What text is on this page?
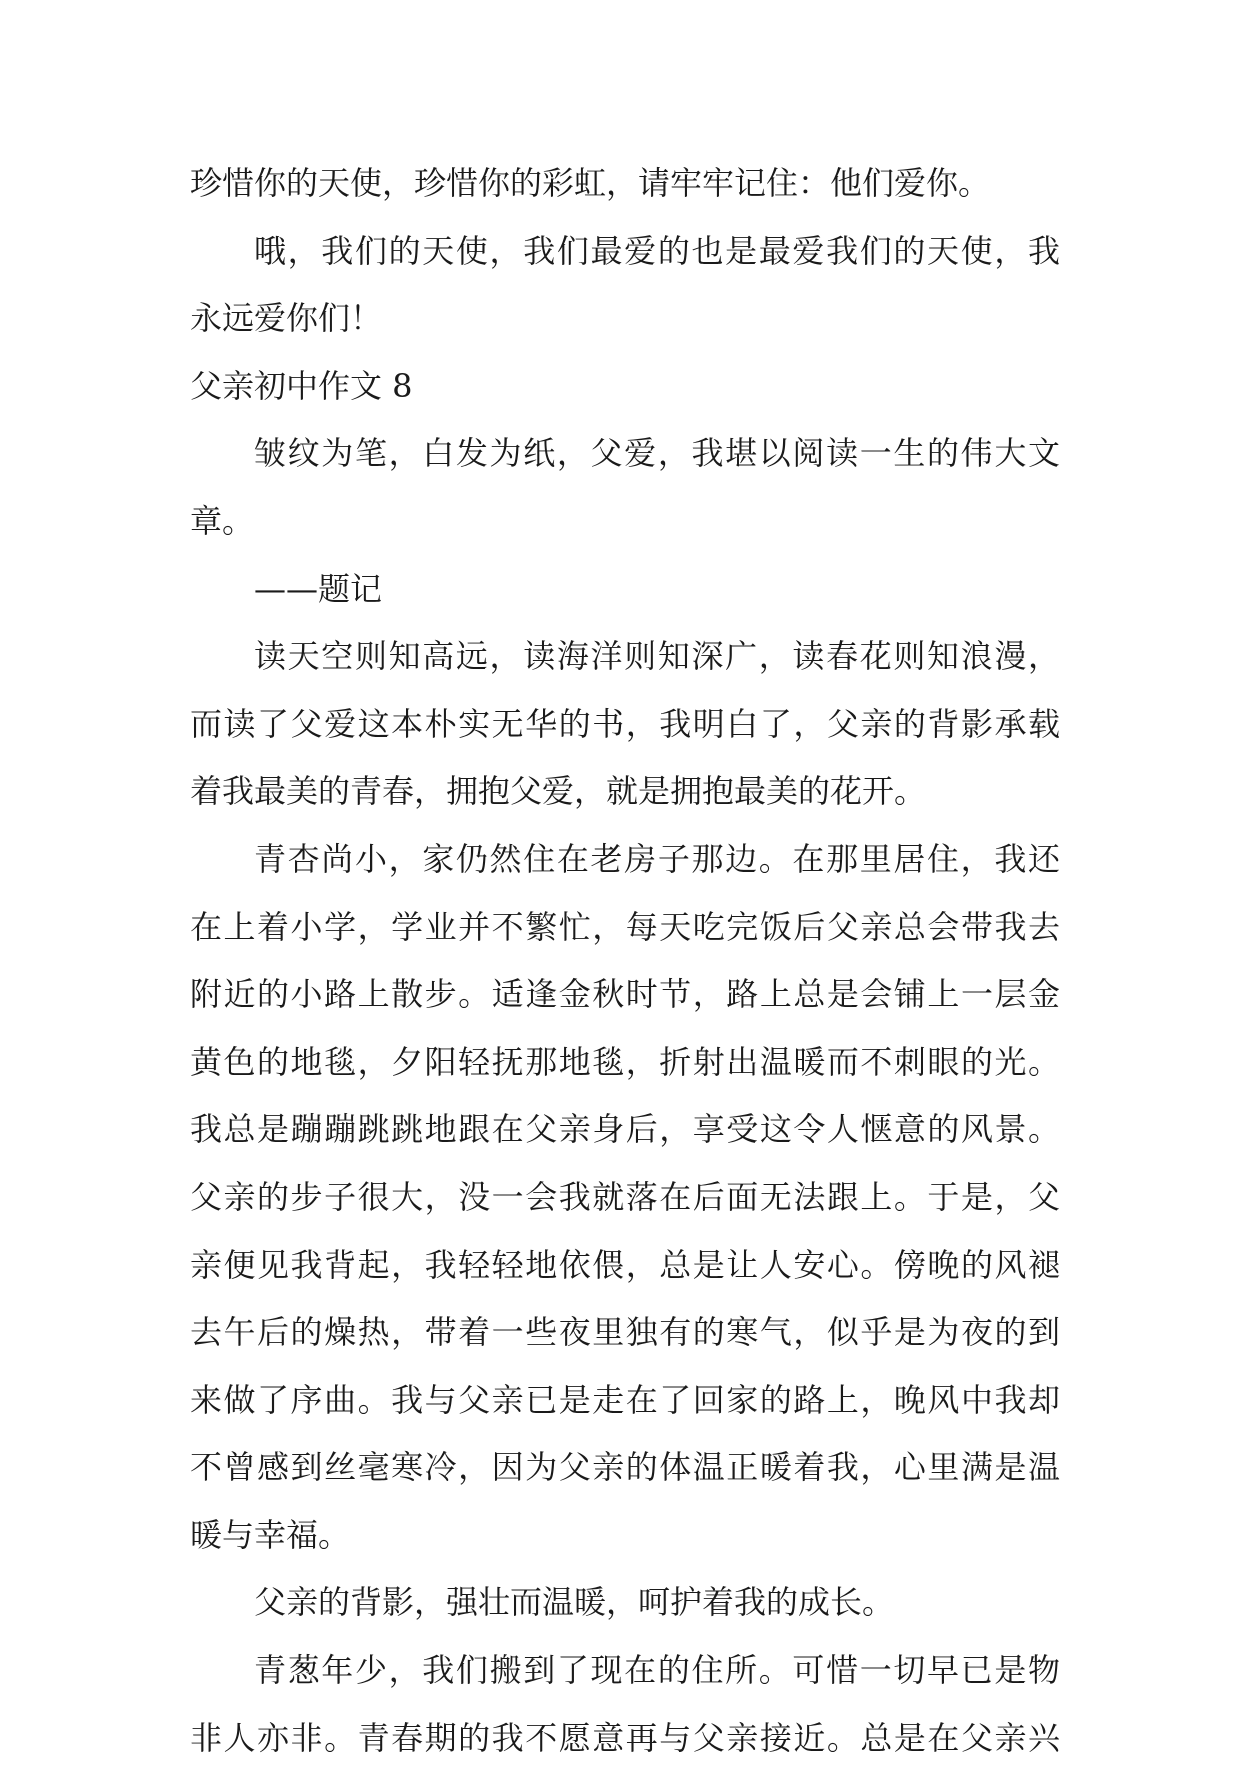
珍惜你的天使，珍惜你的彩虹，请牢牢记住：他们爱你。
哦，我们的天使，我们最爱的也是最爱我们的天使，我
永远爱你们！
父亲初中作文 8
皱纹为笔，白发为纸，父爱，我堪以阅读一生的伟大文
章。
——题记
读天空则知高远，读海洋则知深广，读春花则知浪漫，
而读了父爱这本朴实无华的书，我明白了，父亲的背影承载
着我最美的青春，拥抱父爱，就是拥抱最美的花开。
青杏尚小，家仍然住在老房子那边。在那里居住，我还
在上着小学，学业并不繁忙，每天吃完饭后父亲总会带我去
附近的小路上散步。适逢金秋时节，路上总是会铺上一层金
黄色的地毯，夕阳轻抚那地毯，折射出温暖而不刺眼的光。
我总是蹦蹦跳跳地跟在父亲身后，享受这令人惬意的风景。
父亲的步子很大，没一会我就落在后面无法跟上。于是，父
亲便见我背起，我轻轻地依偎，总是让人安心。傍晚的风褪
去午后的燥热，带着一些夜里独有的寒气，似乎是为夜的到
来做了序曲。我与父亲已是走在了回家的路上，晚风中我却
不曾感到丝毫寒冷，因为父亲的体温正暖着我，心里满是温
暖与幸福。
父亲的背影，强壮而温暖，呵护着我的成长。
青葱年少，我们搬到了现在的住所。可惜一切早已是物
非人亦非。青春期的我不愿意再与父亲接近。总是在父亲兴
